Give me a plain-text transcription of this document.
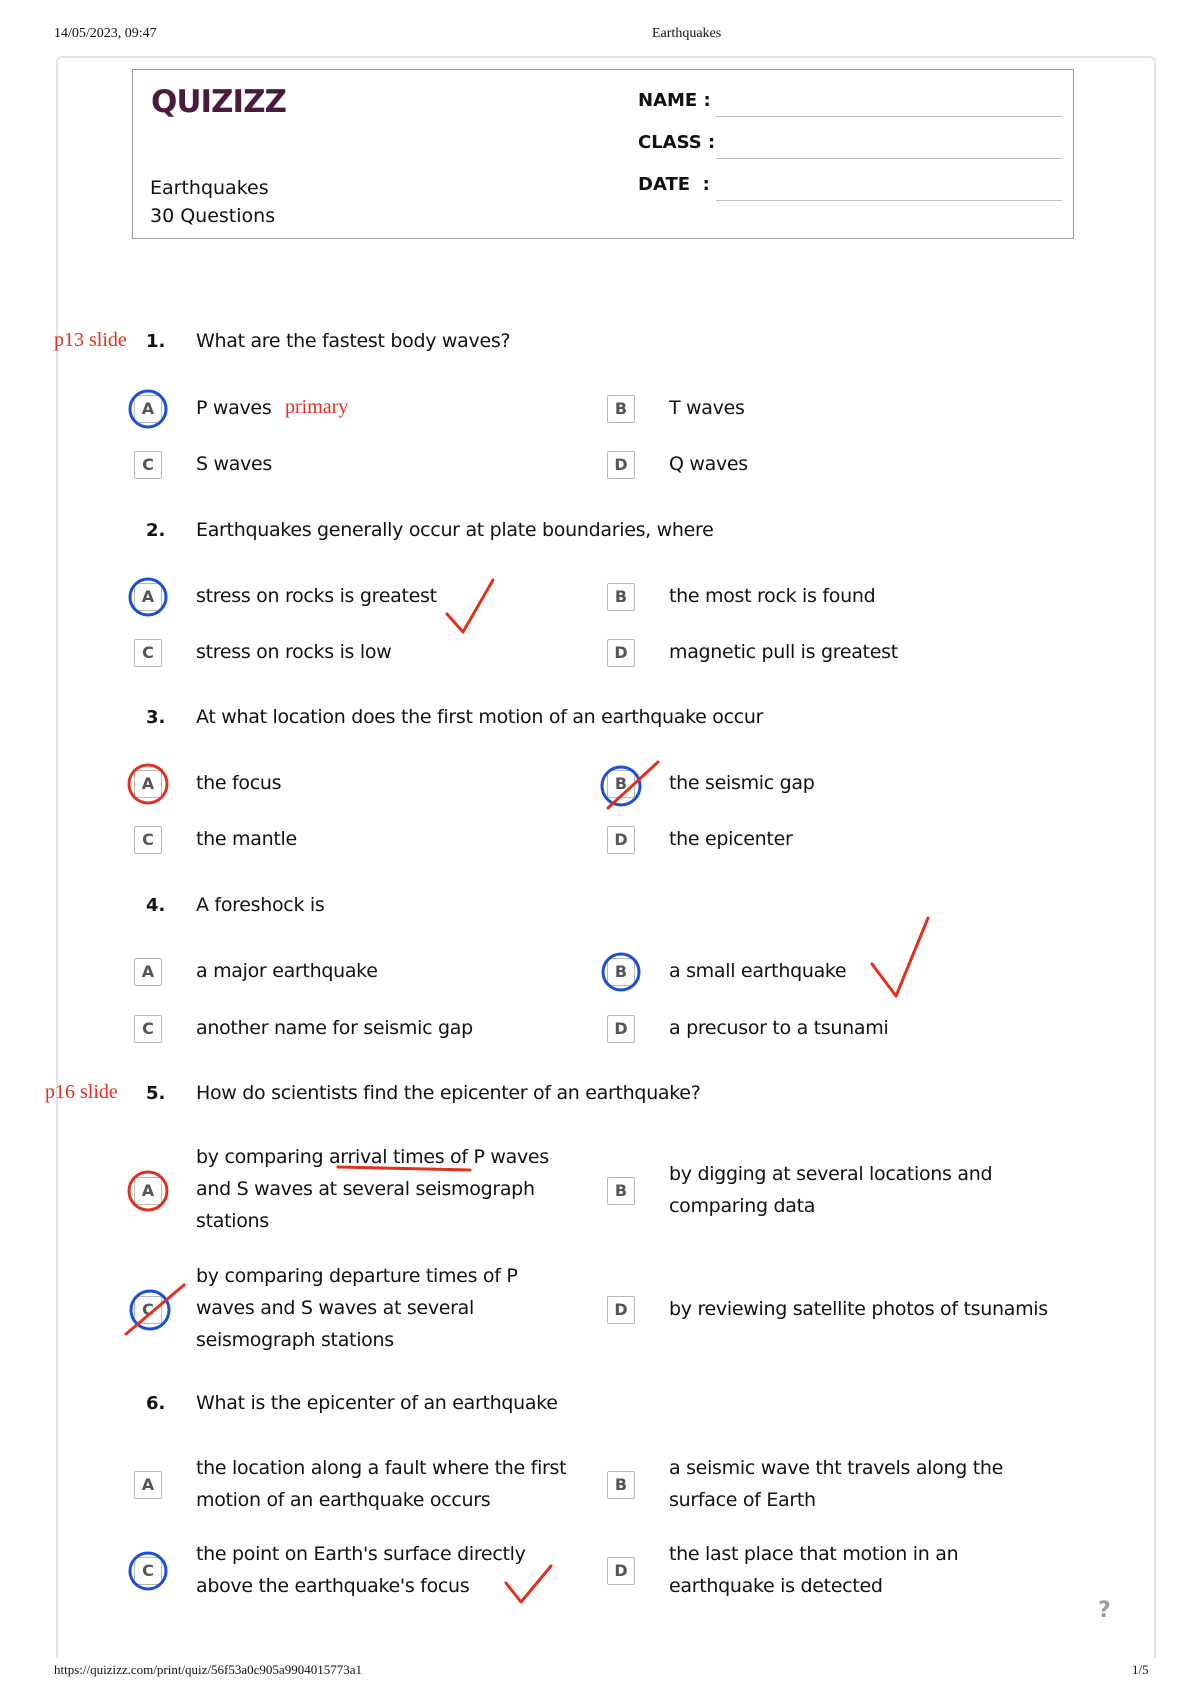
14/05/2023, 09:47	Earthquakes
QUIZIZZ
Earthquakes
30 Questions
NAME :
CLASS :
DATE  :
p13 slide
p16 slide
primary
1. What are the fastest body waves?
A	P waves	B	T waves
C	S waves	D	Q waves
2. Earthquakes generally occur at plate boundaries, where
A	stress on rocks is greatest	B	the most rock is found
C	stress on rocks is low	D	magnetic pull is greatest
3. At what location does the first motion of an earthquake occur
A	the focus	B	the seismic gap
C	the mantle	D	the epicenter
4. A foreshock is
A	a major earthquake	B	a small earthquake
C	another name for seismic gap	D	a precusor to a tsunami
5. How do scientists find the epicenter of an earthquake?
A
by comparing arrival times of P waves and S waves at several seismograph stations
B
by digging at several locations and comparing data
C
by comparing departure times of P waves and S waves at several seismograph stations
D	by reviewing satellite photos of tsunamis
6. What is the epicenter of an earthquake
A
the location along a fault where the first motion of an earthquake occurs
B
a seismic wave tht travels along the surface of Earth
C
the point on Earth's surface directly above the earthquake's focus
D
the last place that motion in an earthquake is detected
?
https://quizizz.com/print/quiz/56f53a0c905a9904015773a1	1/5
